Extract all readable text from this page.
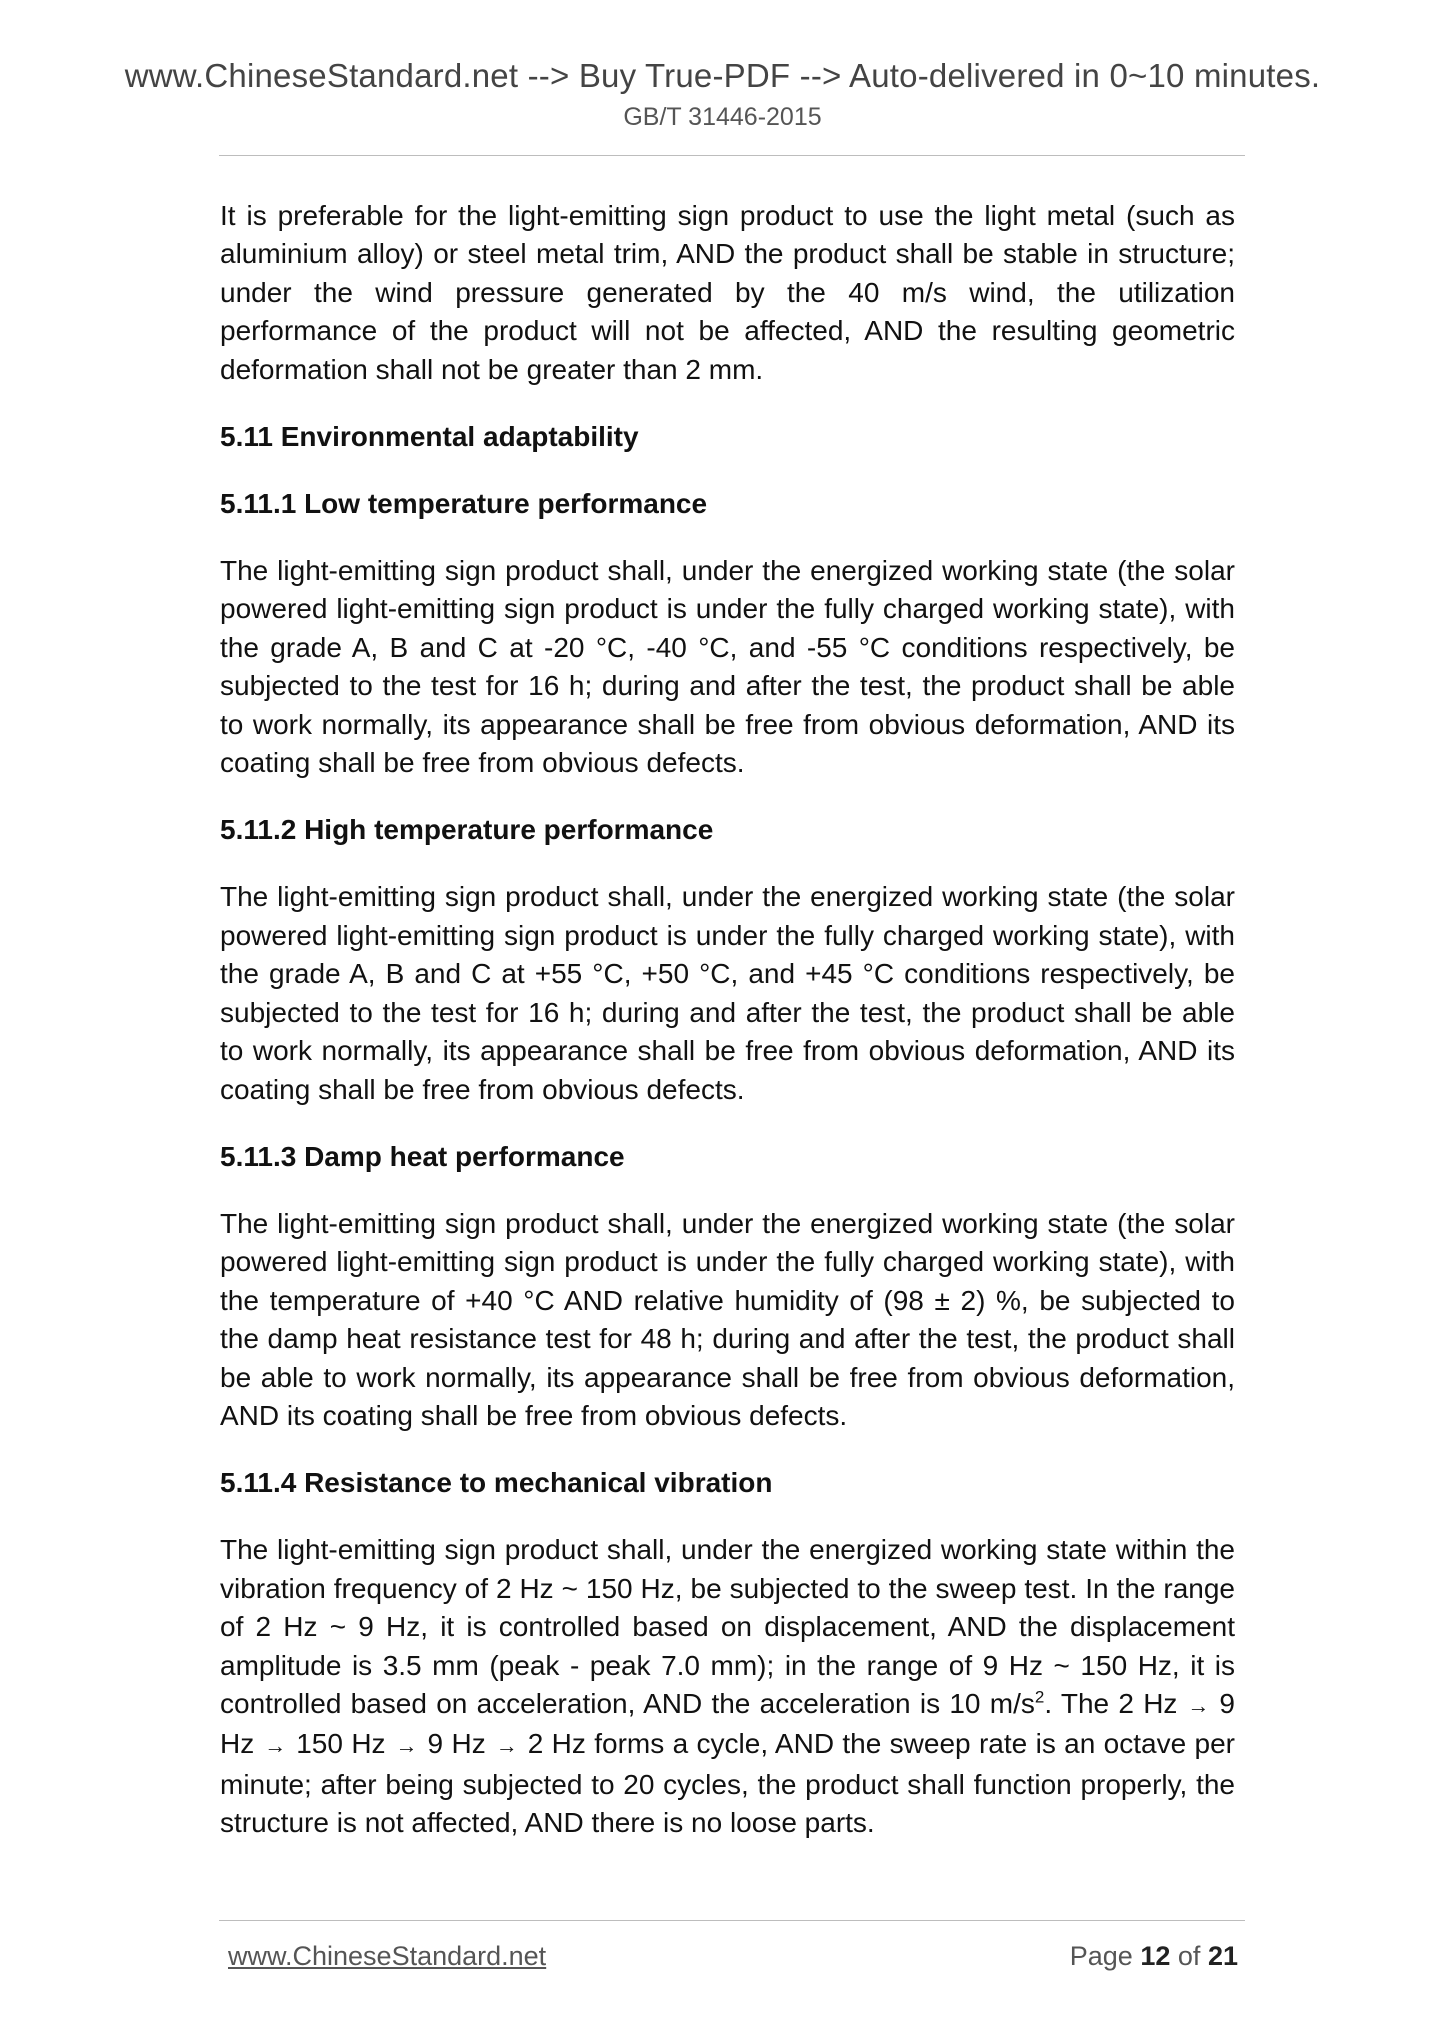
www.ChineseStandard.net --> Buy True-PDF --> Auto-delivered in 0~10 minutes.
GB/T 31446-2015

It is preferable for the light-emitting sign product to use the light metal (such as aluminium alloy) or steel metal trim, AND the product shall be stable in structure; under the wind pressure generated by the 40 m/s wind, the utilization performance of the product will not be affected, AND the resulting geometric deformation shall not be greater than 2 mm.

5.11 Environmental adaptability
5.11.1 Low temperature performance

The light-emitting sign product shall, under the energized working state (the solar powered light-emitting sign product is under the fully charged working state), with the grade A, B and C at -20 °C, -40 °C, and -55 °C conditions respectively, be subjected to the test for 16 h; during and after the test, the product shall be able to work normally, its appearance shall be free from obvious deformation, AND its coating shall be free from obvious defects.

5.11.2 High temperature performance

The light-emitting sign product shall, under the energized working state (the solar powered light-emitting sign product is under the fully charged working state), with the grade A, B and C at +55 °C, +50 °C, and +45 °C conditions respectively, be subjected to the test for 16 h; during and after the test, the product shall be able to work normally, its appearance shall be free from obvious deformation, AND its coating shall be free from obvious defects.

5.11.3 Damp heat performance

The light-emitting sign product shall, under the energized working state (the solar powered light-emitting sign product is under the fully charged working state), with the temperature of +40 °C AND relative humidity of (98 ± 2) %, be subjected to the damp heat resistance test for 48 h; during and after the test, the product shall be able to work normally, its appearance shall be free from obvious deformation, AND its coating shall be free from obvious defects.

5.11.4 Resistance to mechanical vibration

The light-emitting sign product shall, under the energized working state within the vibration frequency of 2 Hz ~ 150 Hz, be subjected to the sweep test. In the range of 2 Hz ~ 9 Hz, it is controlled based on displacement, AND the displacement amplitude is 3.5 mm (peak - peak 7.0 mm); in the range of 9 Hz ~ 150 Hz, it is controlled based on acceleration, AND the acceleration is 10 $m/s^2$. The 2 Hz → 9 Hz → 150 Hz → 9 Hz → 2 Hz forms a cycle, AND the sweep rate is an octave per minute; after being subjected to 20 cycles, the product shall function properly, the structure is not affected, AND there is no loose parts.

www.ChineseStandard.net	Page 12 of 21
